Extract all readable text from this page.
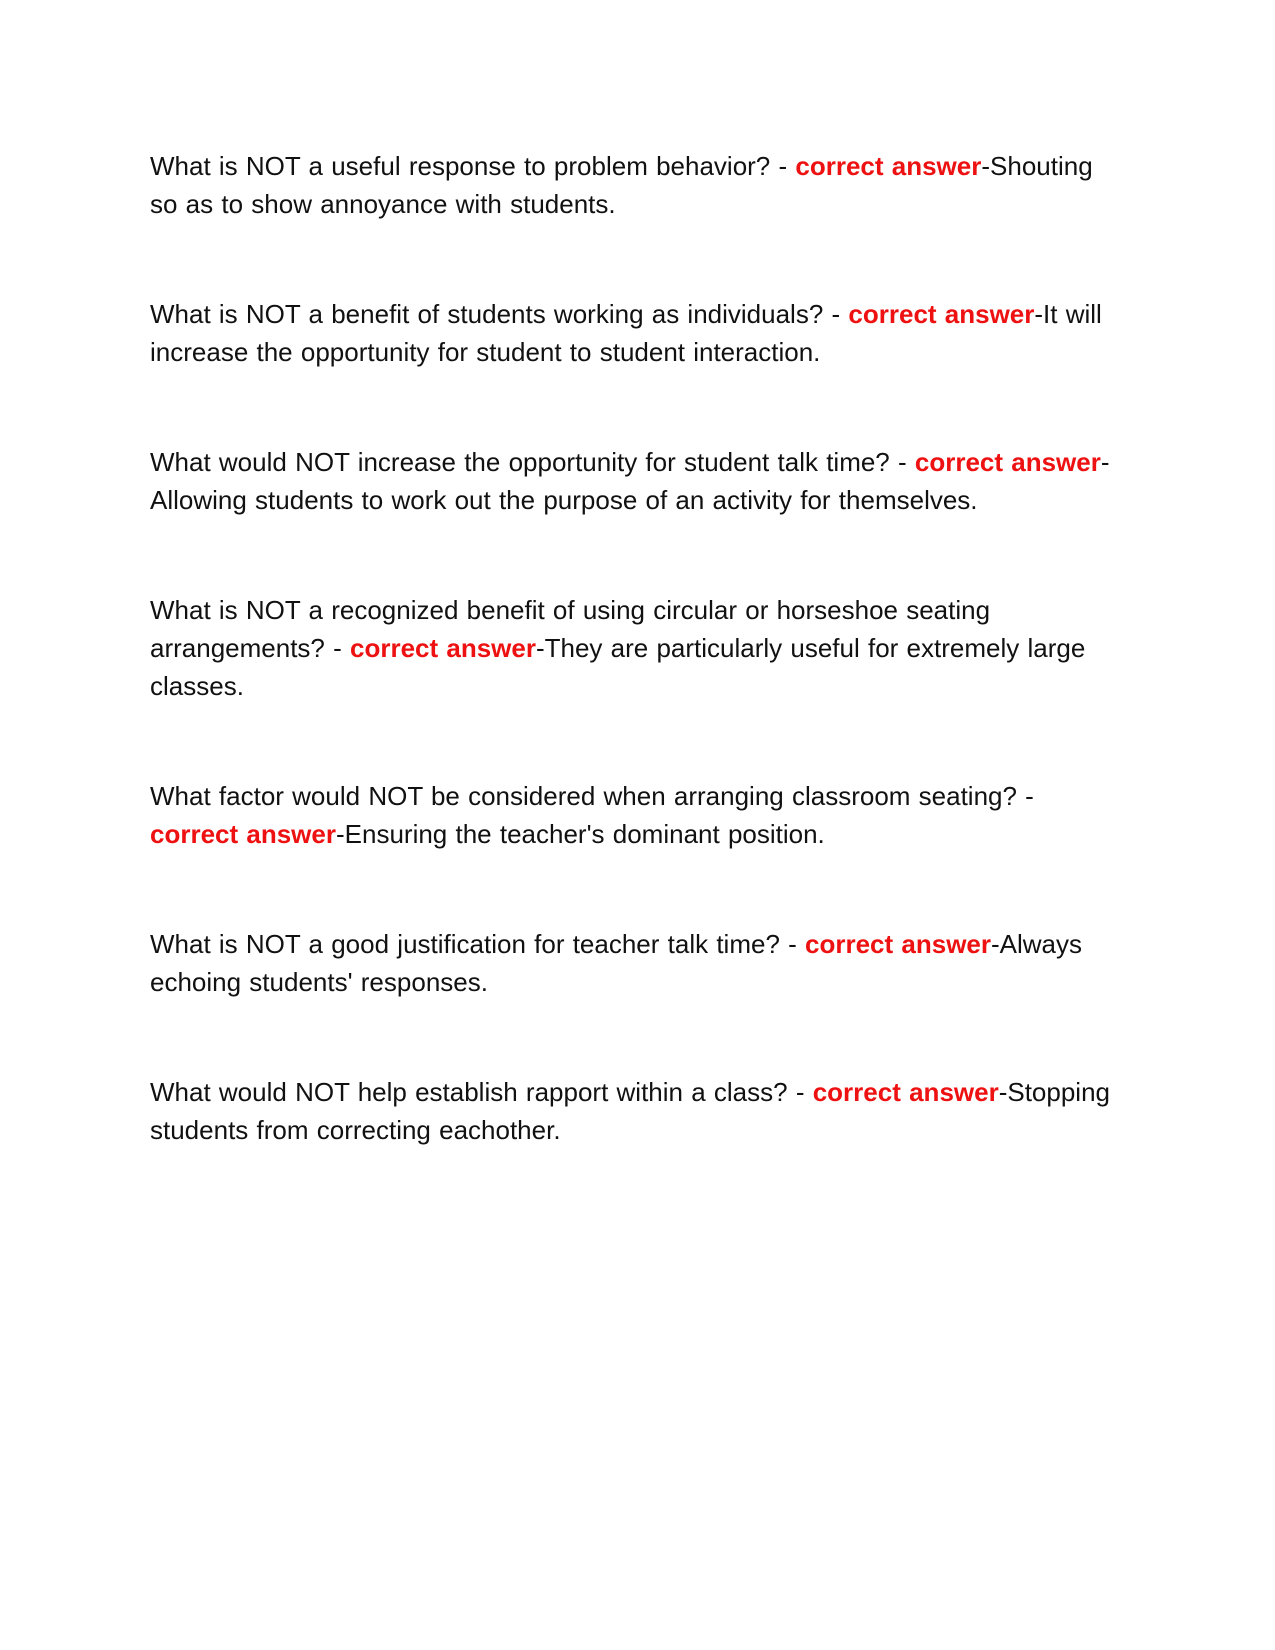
What is NOT a useful response to problem behavior? - correct answer-Shouting so as to show annoyance with students.

What is NOT a benefit of students working as individuals? - correct answer-It will increase the opportunity for student to student interaction.

What would NOT increase the opportunity for student talk time? - correct answer-Allowing students to work out the purpose of an activity for themselves.

What is NOT a recognized benefit of using circular or horseshoe seating arrangements? - correct answer-They are particularly useful for extremely large classes.

What factor would NOT be considered when arranging classroom seating? - correct answer-Ensuring the teacher's dominant position.

What is NOT a good justification for teacher talk time? - correct answer-Always echoing students' responses.

What would NOT help establish rapport within a class? - correct answer-Stopping students from correcting eachother.
